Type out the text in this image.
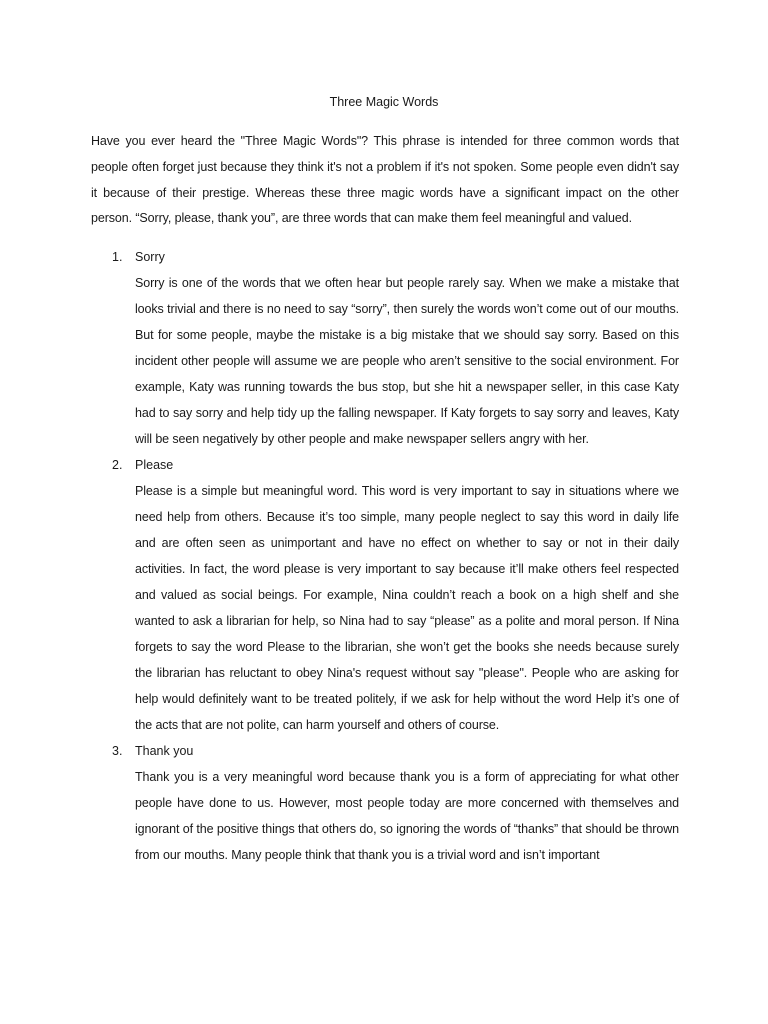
Three Magic Words
Have you ever heard the "Three Magic Words"? This phrase is intended for three common words that people often forget just because they think it's not a problem if it's not spoken. Some people even didn't say it because of their prestige. Whereas these three magic words have a significant impact on the other person. “Sorry, please, thank you”, are three words that can make them feel meaningful and valued.
1. Sorry
Sorry is one of the words that we often hear but people rarely say. When we make a mistake that looks trivial and there is no need to say “sorry”, then surely the words won’t come out of our mouths. But for some people, maybe the mistake is a big mistake that we should say sorry. Based on this incident other people will assume we are people who aren’t sensitive to the social environment. For example, Katy was running towards the bus stop, but she hit a newspaper seller, in this case Katy had to say sorry and help tidy up the falling newspaper. If Katy forgets to say sorry and leaves, Katy will be seen negatively by other people and make newspaper sellers angry with her.
2. Please
Please is a simple but meaningful word. This word is very important to say in situations where we need help from others. Because it’s too simple, many people neglect to say this word in daily life and are often seen as unimportant and have no effect on whether to say or not in their daily activities. In fact, the word please is very important to say because it’ll make others feel respected and valued as social beings. For example, Nina couldn’t reach a book on a high shelf and she wanted to ask a librarian for help, so Nina had to say “please” as a polite and moral person. If Nina forgets to say the word Please to the librarian, she won’t get the books she needs because surely the librarian has reluctant to obey Nina's request without say "please". People who are asking for help would definitely want to be treated politely, if we ask for help without the word Help it’s one of the acts that are not polite, can harm yourself and others of course.
3. Thank you
Thank you is a very meaningful word because thank you is a form of appreciating for what other people have done to us. However, most people today are more concerned with themselves and ignorant of the positive things that others do, so ignoring the words of “thanks” that should be thrown from our mouths. Many people think that thank you is a trivial word and isn’t important
